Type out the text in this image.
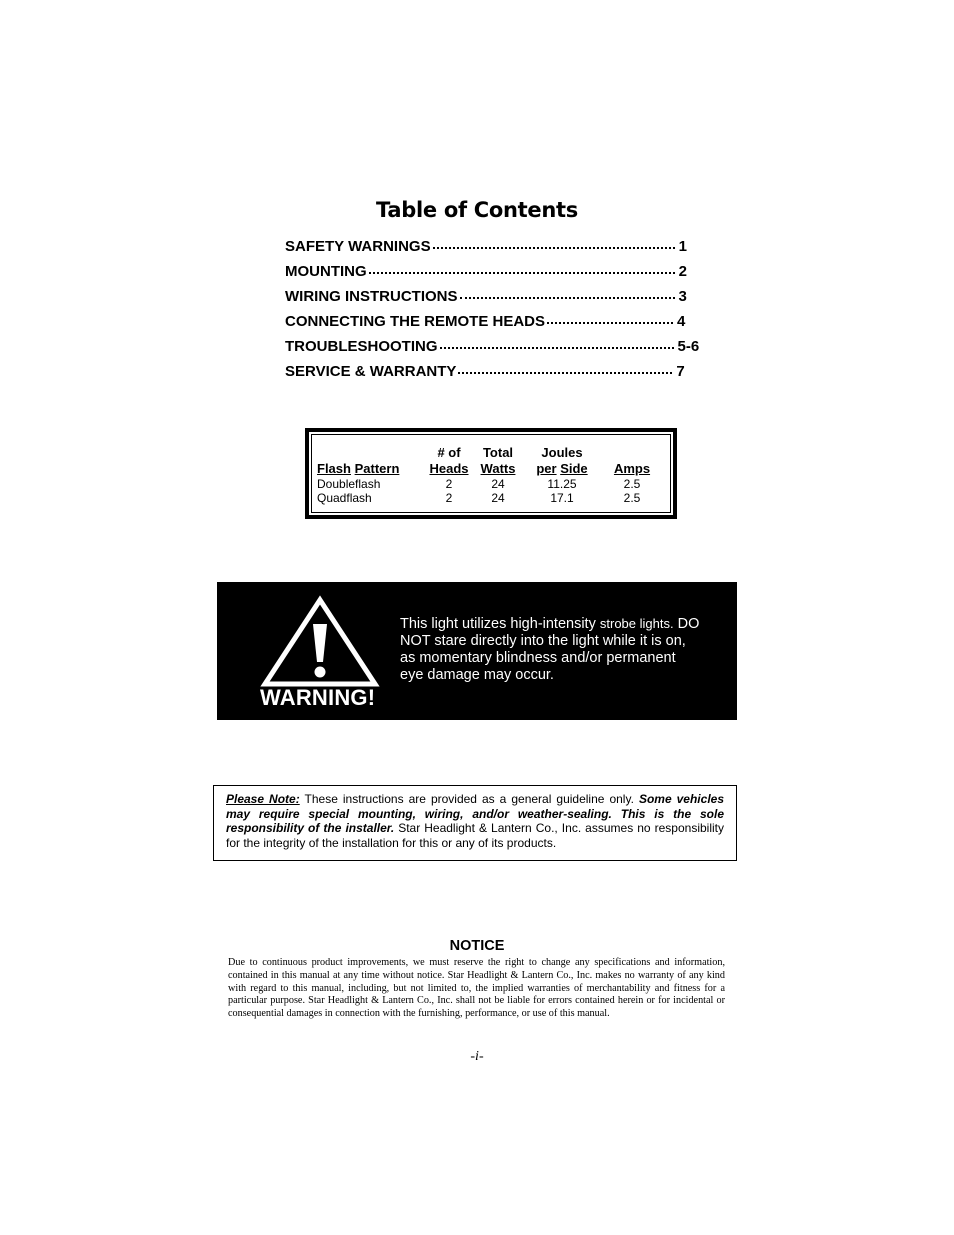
Table of Contents
SAFETY WARNINGS	1
MOUNTING	2
WIRING INSTRUCTIONS	3
CONNECTING THE REMOTE HEADS	4
TROUBLESHOOTING	5-6
SERVICE & WARRANTY	7
	# of	Total	Joules	
Flash Pattern	Heads	Watts	per Side	Amps
Doubleflash	2	24	11.25	2.5
Quadflash	2	24	17.1	2.5
WARNING!
This light utilizes high-intensity strobe lights. DO NOT stare directly into the light while it is on, as momentary blindness and/or permanent eye damage may occur.
Please Note: These instructions are provided as a general guideline only. Some vehicles may require special mounting, wiring, and/or weather-sealing. This is the sole responsibility of the installer. Star Headlight & Lantern Co., Inc. assumes no responsibility for the integrity of the installation for this or any of its products.
NOTICE
Due to continuous product improvements, we must reserve the right to change any specifications and information, contained in this manual at any time without notice. Star Headlight & Lantern Co., Inc. makes no warranty of any kind with regard to this manual, including, but not limited to, the implied warranties of merchantability and fitness for a particular purpose. Star Headlight & Lantern Co., Inc. shall not be liable for errors contained herein or for incidental or consequential damages in connection with the furnishing, performance, or use of this manual.
-i-
